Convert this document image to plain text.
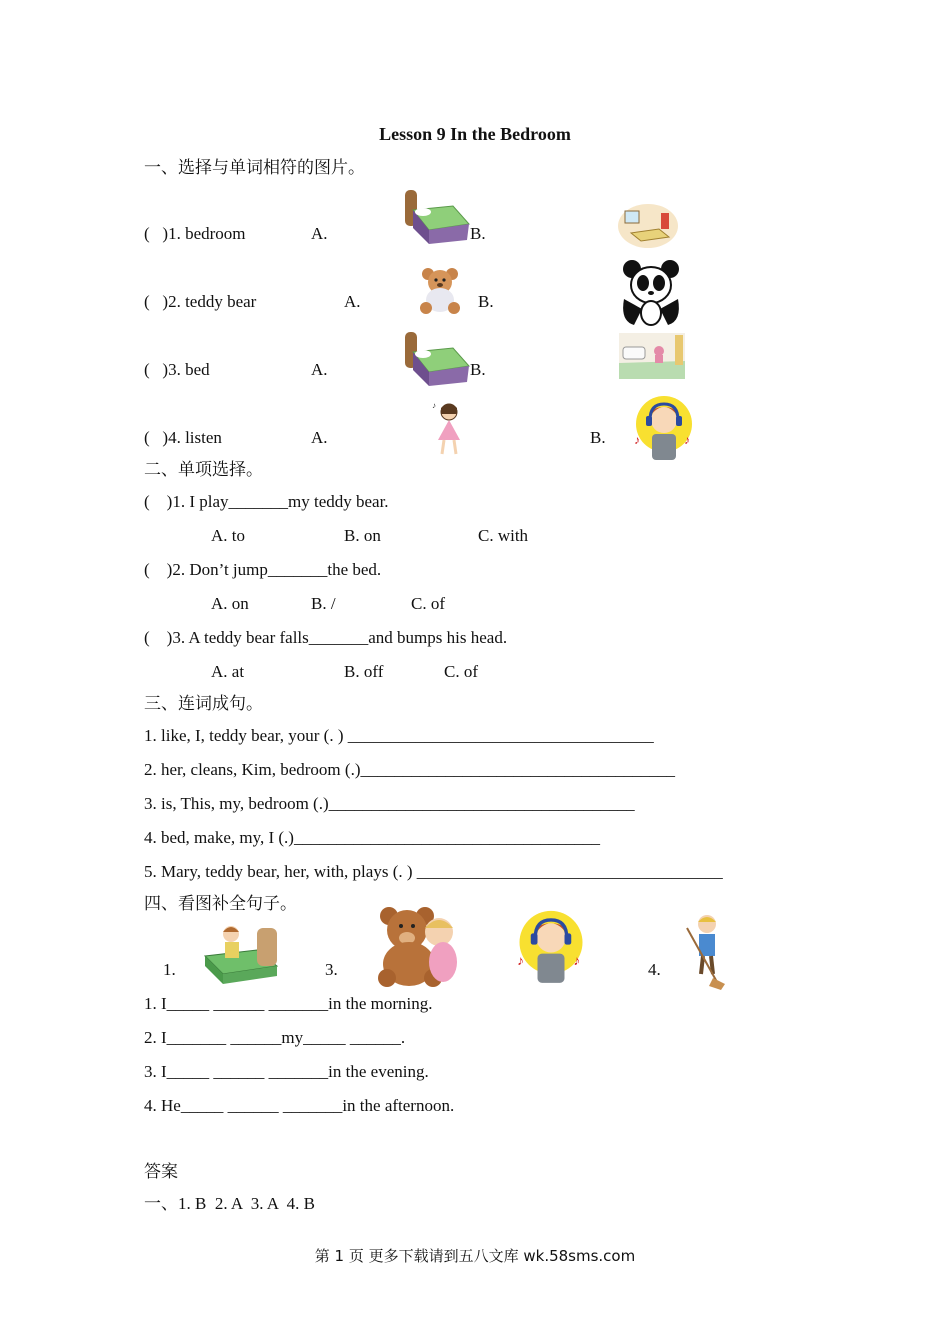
Lesson 9 In the Bedroom
一、选择与单词相符的图片。
(   )1. bedroom	A.	B.
(   )2. teddy bear	A.	B.
(   )3. bed	A.	B.
(   )4. listen	A.	B.
♪
♪	♪
二、单项选择。
(    )1. I play_______my teddy bear.
A. to	B. on	C. with
(    )2. Don’t jump_______the bed.
A. on	B. /	C. of
(    )3. A teddy bear falls_______and bumps his head.
A. at	B. off	C. of
三、连词成句。
1. like, I, teddy bear, your (. ) ____________________________________
2. her, cleans, Kim, bedroom (.)_____________________________________
3. is, This, my, bedroom (.)____________________________________
4. bed, make, my, I (.)____________________________________
5. Mary, teddy bear, her, with, plays (. ) ____________________________________
四、看图补全句子。
1.	3.	4.
♪	♪
1. I_____ ______ _______in the morning.
2. I_______ ______my_____ ______.
3. I_____ ______ _______in the evening.
4. He_____ ______ _______in the afternoon.
答案
一、1. B  2. A  3. A  4. B
第 1 页 更多下载请到五八文库 wk.58sms.com
